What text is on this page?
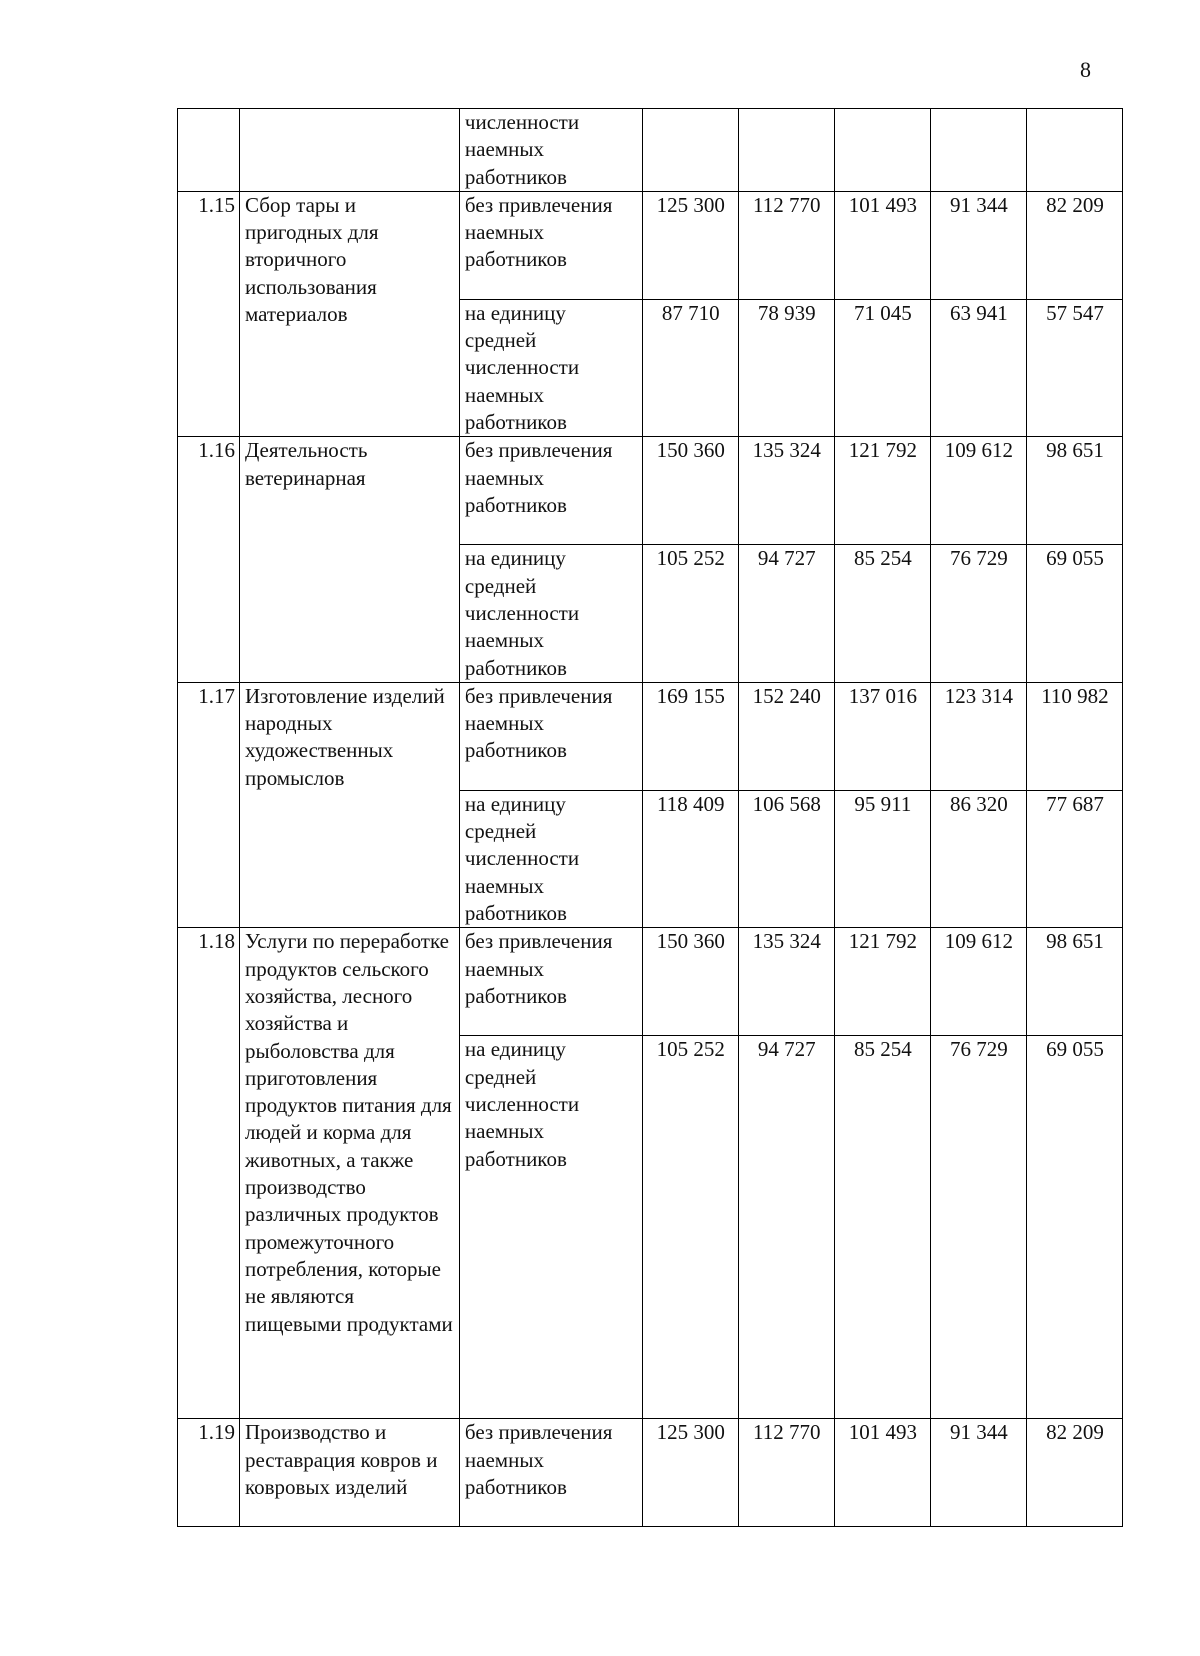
8
		численности наемных работников					
1.15	Сбор тары и пригодных для вторичного использования материалов	без привлечения наемных работников	125 300	112 770	101 493	91 344	82 209
		на единицу средней численности наемных работников	87 710	78 939	71 045	63 941	57 547
1.16	Деятельность ветеринарная	без привлечения наемных работников	150 360	135 324	121 792	109 612	98 651
		на единицу средней численности наемных работников	105 252	94 727	85 254	76 729	69 055
1.17	Изготовление изделий народных художественных промыслов	без привлечения наемных работников	169 155	152 240	137 016	123 314	110 982
		на единицу средней численности наемных работников	118 409	106 568	95 911	86 320	77 687
1.18	Услуги по переработке продуктов сельского хозяйства, лесного хозяйства и рыболовства для приготовления продуктов питания для людей и корма для животных, а также производство различных продуктов промежуточного потребления, которые не являются пищевыми продуктами	без привлечения наемных работников	150 360	135 324	121 792	109 612	98 651
		на единицу средней численности наемных работников	105 252	94 727	85 254	76 729	69 055
1.19	Производство и реставрация ковров и ковровых изделий	без привлечения наемных работников	125 300	112 770	101 493	91 344	82 209
